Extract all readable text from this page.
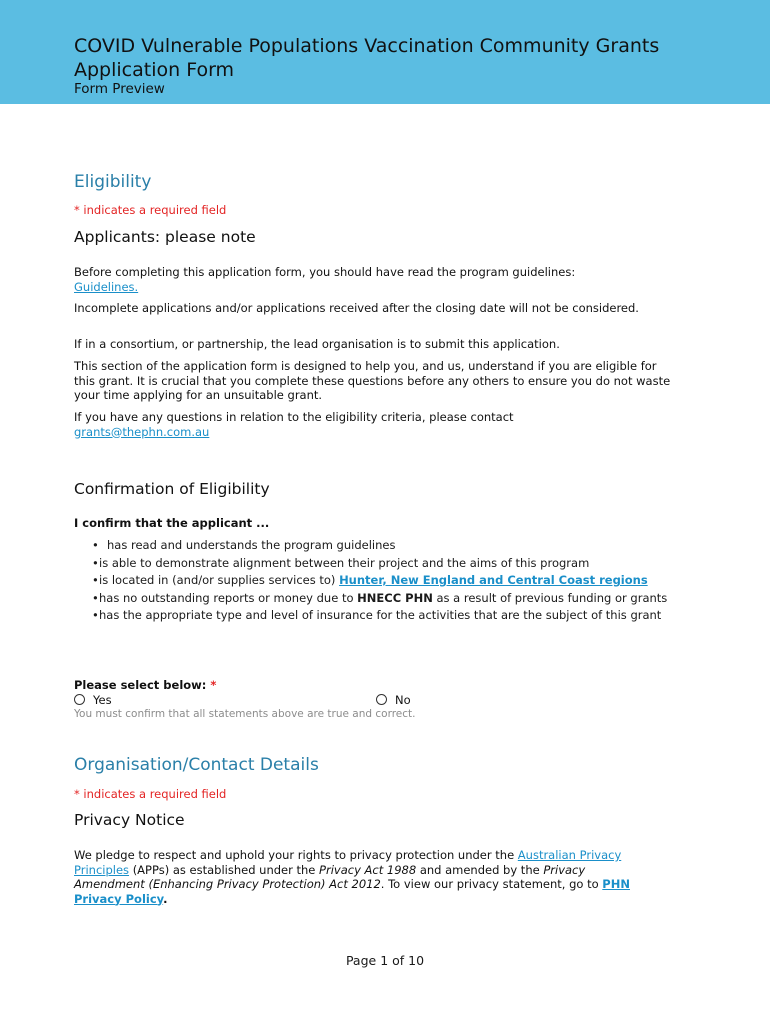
COVID Vulnerable Populations Vaccination Community Grants Application Form
Form Preview
Eligibility
* indicates a required field
Applicants: please note
Before completing this application form, you should have read the program guidelines:
Guidelines.
Incomplete applications and/or applications received after the closing date will not be considered.
If in a consortium, or partnership, the lead organisation is to submit this application.
This section of the application form is designed to help you, and us, understand if you are eligible for this grant. It is crucial that you complete these questions before any others to ensure you do not waste your time applying for an unsuitable grant.
If you have any questions in relation to the eligibility criteria, please contact
grants@thephn.com.au
Confirmation of Eligibility
I confirm that the applicant ...
• has read and understands the program guidelines
• is able to demonstrate alignment between their project and the aims of this program
• is located in (and/or supplies services to) Hunter, New England and Central Coast regions
• has no outstanding reports or money due to HNECC PHN as a result of previous funding or grants
• has the appropriate type and level of insurance for the activities that are the subject of this grant
Please select below: *
Yes	No
You must confirm that all statements above are true and correct.
Organisation/Contact Details
* indicates a required field
Privacy Notice
We pledge to respect and uphold your rights to privacy protection under the Australian Privacy Principles (APPs) as established under the Privacy Act 1988 and amended by the Privacy Amendment (Enhancing Privacy Protection) Act 2012. To view our privacy statement, go to PHN Privacy Policy.
Page 1 of 10
